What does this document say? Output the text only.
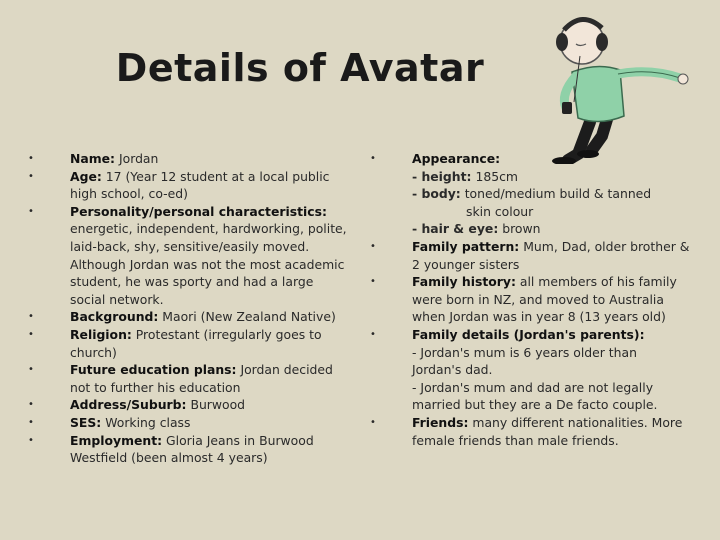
Details of Avatar
•	Name: Jordan
•	Age: 17 (Year 12 student at a local public high school, co-ed)
•	Personality/personal characteristics:
energetic, independent, hardworking, polite, laid-back, shy, sensitive/easily moved. Although Jordan was not the most academic student, he was sporty and had a large social network.
•	Background: Maori (New Zealand Native)
•	Religion: Protestant (irregularly goes to church)
•	Future education plans: Jordan decided not to further his education
•	Address/Suburb: Burwood
•	SES: Working class
•	Employment: Gloria Jeans in Burwood Westfield (been almost 4 years)
•	Appearance:
- height: 185cm
- body: toned/medium build & tanned
skin colour
- hair & eye: brown
•	Family pattern: Mum, Dad, older brother & 2 younger sisters
•	Family history: all members of his family were born in NZ, and moved to Australia when Jordan was in year 8 (13 years old)
•	Family details (Jordan's parents):
- Jordan's mum is 6 years older than Jordan's dad.
- Jordan's mum and dad are not legally married but they are a De facto couple.
•	Friends: many different nationalities. More female friends than male friends.
